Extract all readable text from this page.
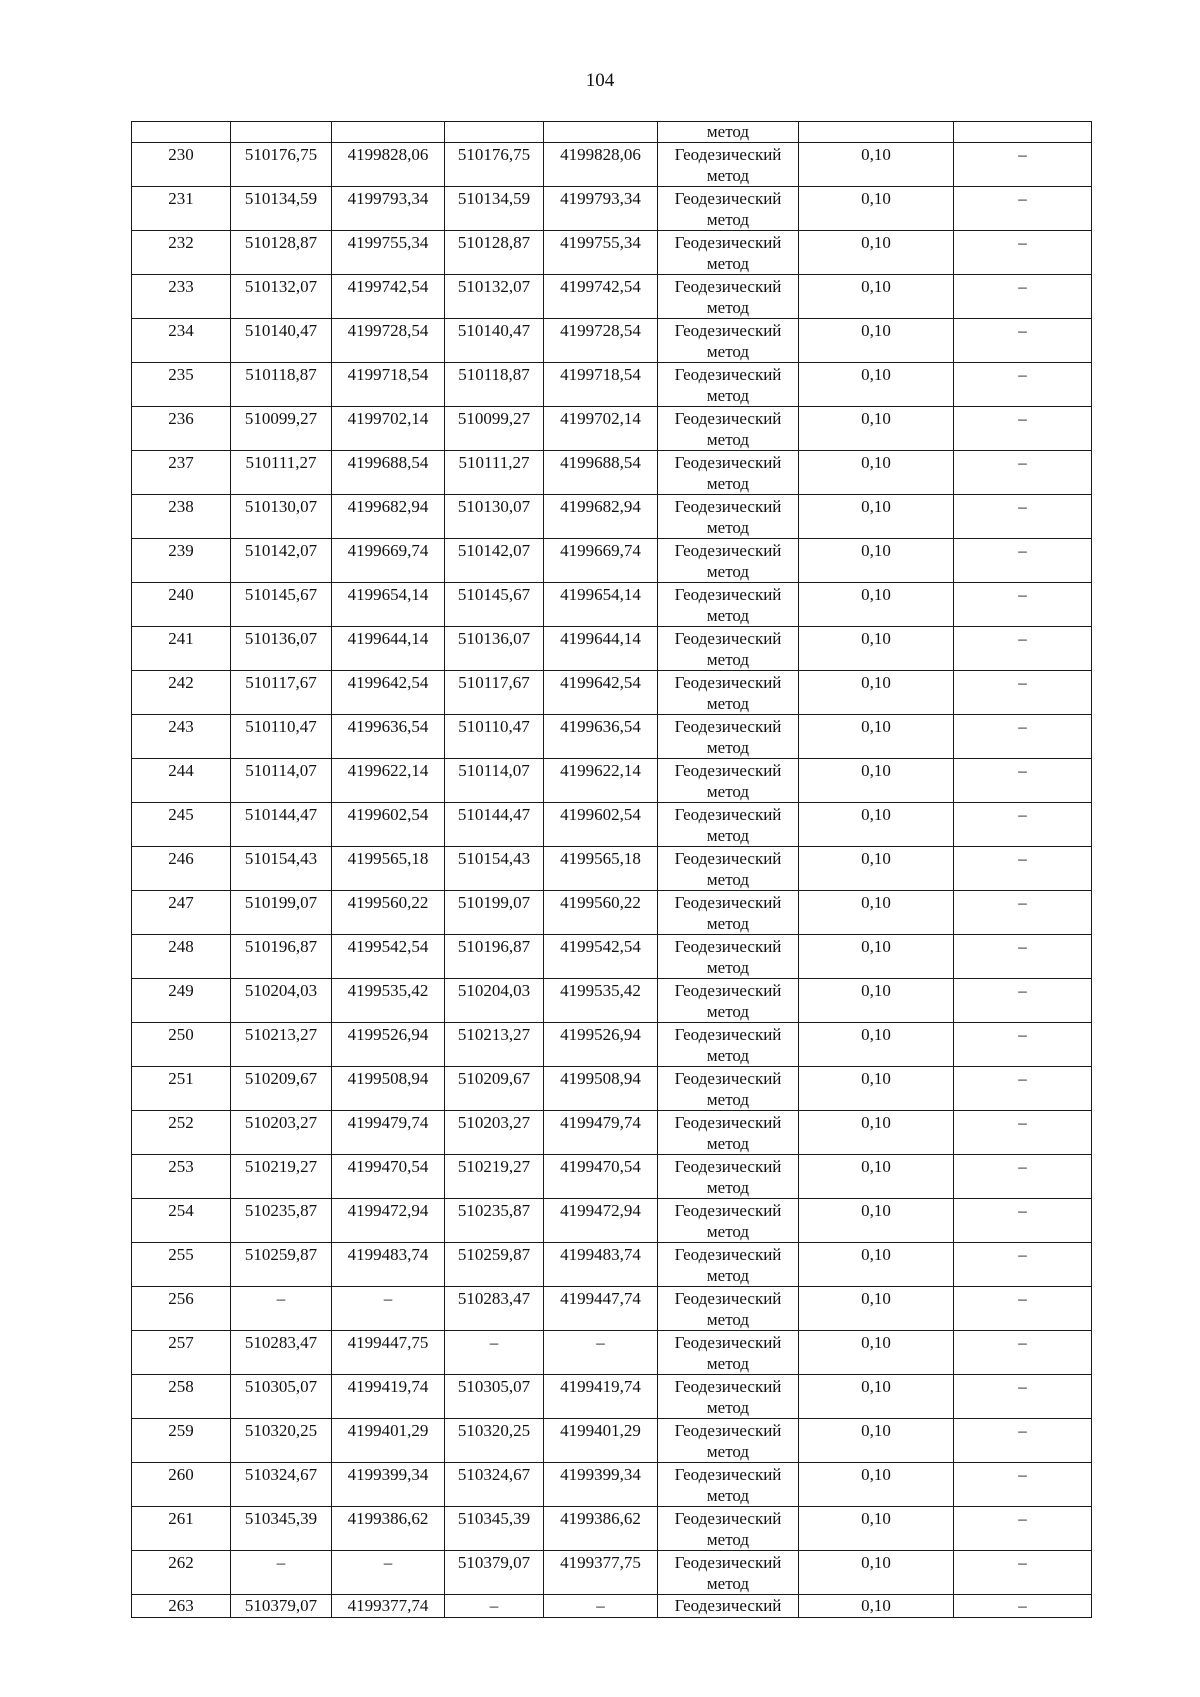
104
					метод		
230	510176,75	4199828,06	510176,75	4199828,06	Геодезический метод	0,10	–
231	510134,59	4199793,34	510134,59	4199793,34	Геодезический метод	0,10	–
232	510128,87	4199755,34	510128,87	4199755,34	Геодезический метод	0,10	–
233	510132,07	4199742,54	510132,07	4199742,54	Геодезический метод	0,10	–
234	510140,47	4199728,54	510140,47	4199728,54	Геодезический метод	0,10	–
235	510118,87	4199718,54	510118,87	4199718,54	Геодезический метод	0,10	–
236	510099,27	4199702,14	510099,27	4199702,14	Геодезический метод	0,10	–
237	510111,27	4199688,54	510111,27	4199688,54	Геодезический метод	0,10	–
238	510130,07	4199682,94	510130,07	4199682,94	Геодезический метод	0,10	–
239	510142,07	4199669,74	510142,07	4199669,74	Геодезический метод	0,10	–
240	510145,67	4199654,14	510145,67	4199654,14	Геодезический метод	0,10	–
241	510136,07	4199644,14	510136,07	4199644,14	Геодезический метод	0,10	–
242	510117,67	4199642,54	510117,67	4199642,54	Геодезический метод	0,10	–
243	510110,47	4199636,54	510110,47	4199636,54	Геодезический метод	0,10	–
244	510114,07	4199622,14	510114,07	4199622,14	Геодезический метод	0,10	–
245	510144,47	4199602,54	510144,47	4199602,54	Геодезический метод	0,10	–
246	510154,43	4199565,18	510154,43	4199565,18	Геодезический метод	0,10	–
247	510199,07	4199560,22	510199,07	4199560,22	Геодезический метод	0,10	–
248	510196,87	4199542,54	510196,87	4199542,54	Геодезический метод	0,10	–
249	510204,03	4199535,42	510204,03	4199535,42	Геодезический метод	0,10	–
250	510213,27	4199526,94	510213,27	4199526,94	Геодезический метод	0,10	–
251	510209,67	4199508,94	510209,67	4199508,94	Геодезический метод	0,10	–
252	510203,27	4199479,74	510203,27	4199479,74	Геодезический метод	0,10	–
253	510219,27	4199470,54	510219,27	4199470,54	Геодезический метод	0,10	–
254	510235,87	4199472,94	510235,87	4199472,94	Геодезический метод	0,10	–
255	510259,87	4199483,74	510259,87	4199483,74	Геодезический метод	0,10	–
256	–	–	510283,47	4199447,74	Геодезический метод	0,10	–
257	510283,47	4199447,75	–	–	Геодезический метод	0,10	–
258	510305,07	4199419,74	510305,07	4199419,74	Геодезический метод	0,10	–
259	510320,25	4199401,29	510320,25	4199401,29	Геодезический метод	0,10	–
260	510324,67	4199399,34	510324,67	4199399,34	Геодезический метод	0,10	–
261	510345,39	4199386,62	510345,39	4199386,62	Геодезический метод	0,10	–
262	–	–	510379,07	4199377,75	Геодезический метод	0,10	–
263	510379,07	4199377,74	–	–	Геодезический	0,10	–
